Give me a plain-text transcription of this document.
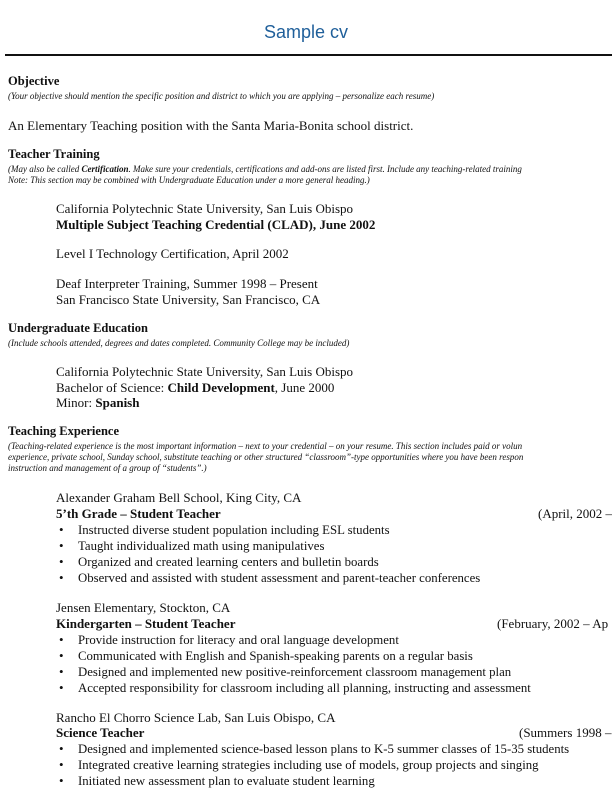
Sample cv
Objective
(Your objective should mention the specific position and district to which you are applying – personalize each resume)
An Elementary Teaching position with the Santa Maria-Bonita school district.
Teacher Training
(May also be called Certification. Make sure your credentials, certifications and add-ons are listed first. Include any teaching-related training
Note: This section may be combined with Undergraduate Education under a more general heading.)
California Polytechnic State University, San Luis Obispo
Multiple Subject Teaching Credential (CLAD), June 2002
Level I Technology Certification, April 2002
Deaf Interpreter Training, Summer 1998 – Present
San Francisco State University, San Francisco, CA
Undergraduate Education
(Include schools attended, degrees and dates completed. Community College may be included)
California Polytechnic State University, San Luis Obispo
Bachelor of Science: Child Development, June 2000
Minor: Spanish
Teaching Experience
(Teaching-related experience is the most important information – next to your credential – on your resume. This section includes paid or volun
experience, private school, Sunday school, substitute teaching or other structured “classroom”-type opportunities where you have been respon
instruction and management of a group of “students”.)
Alexander Graham Bell School, King City, CA
5’th Grade – Student Teacher	(April, 2002 –
• Instructed diverse student population including ESL students
• Taught individualized math using manipulatives
• Organized and created learning centers and bulletin boards
• Observed and assisted with student assessment and parent-teacher conferences
Jensen Elementary, Stockton, CA
Kindergarten – Student Teacher	(February, 2002 – Ap
• Provide instruction for literacy and oral language development
• Communicated with English and Spanish-speaking parents on a regular basis
• Designed and implemented new positive-reinforcement classroom management plan
• Accepted responsibility for classroom including all planning, instructing and assessment
Rancho El Chorro Science Lab, San Luis Obispo, CA
Science Teacher	(Summers 1998 –
• Designed and implemented science-based lesson plans to K-5 summer classes of 15-35 students
• Integrated creative learning strategies including use of models, group projects and singing
• Initiated new assessment plan to evaluate student learning
